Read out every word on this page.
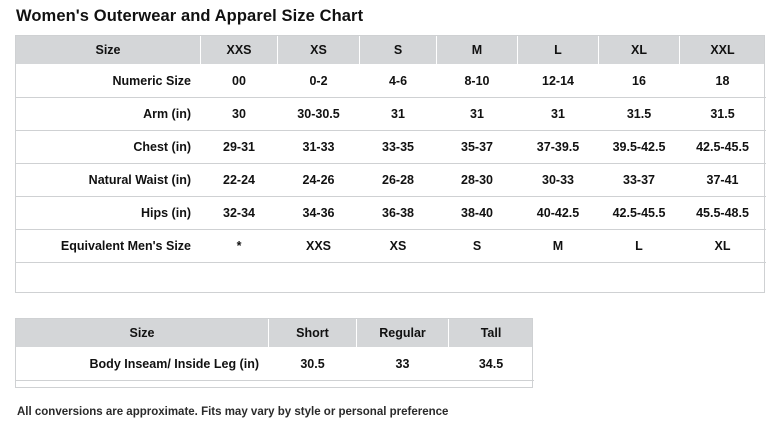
Women's Outerwear and Apparel Size Chart
Size	XXS	XS	S	M	L	XL	XXL
Numeric Size	00	0-2	4-6	8-10	12-14	16	18
Arm (in)	30	30-30.5	31	31	31	31.5	31.5
Chest (in)	29-31	31-33	33-35	35-37	37-39.5	39.5-42.5	42.5-45.5
Natural Waist (in)	22-24	24-26	26-28	28-30	30-33	33-37	37-41
Hips (in)	32-34	34-36	36-38	38-40	40-42.5	42.5-45.5	45.5-48.5
Equivalent Men's Size	*	XXS	XS	S	M	L	XL
Size	Short	Regular	Tall
Body Inseam/ Inside Leg (in)	30.5	33	34.5
All conversions are approximate. Fits may vary by style or personal preference
